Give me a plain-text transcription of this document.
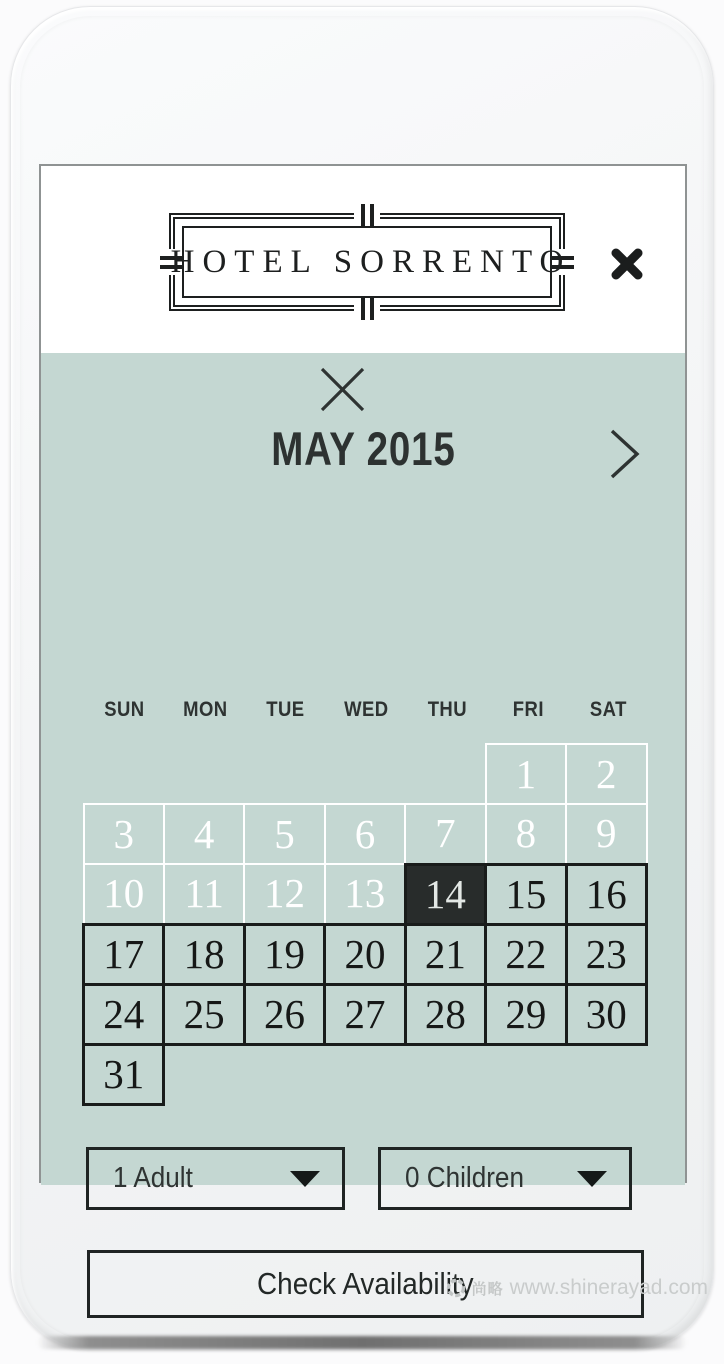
HOTEL SORRENTO
MAY 2015
SUN	MON	TUE	WED	THU	FRI	SAT
					1	2
3	4	5	6	7	8	9
10	11	12	13	14	15	16
17	18	19	20	21	22	23
24	25	26	27	28	29	30
31						
1 Adult	0 Children
Check Availability
尚略 www.shinerayad.com
